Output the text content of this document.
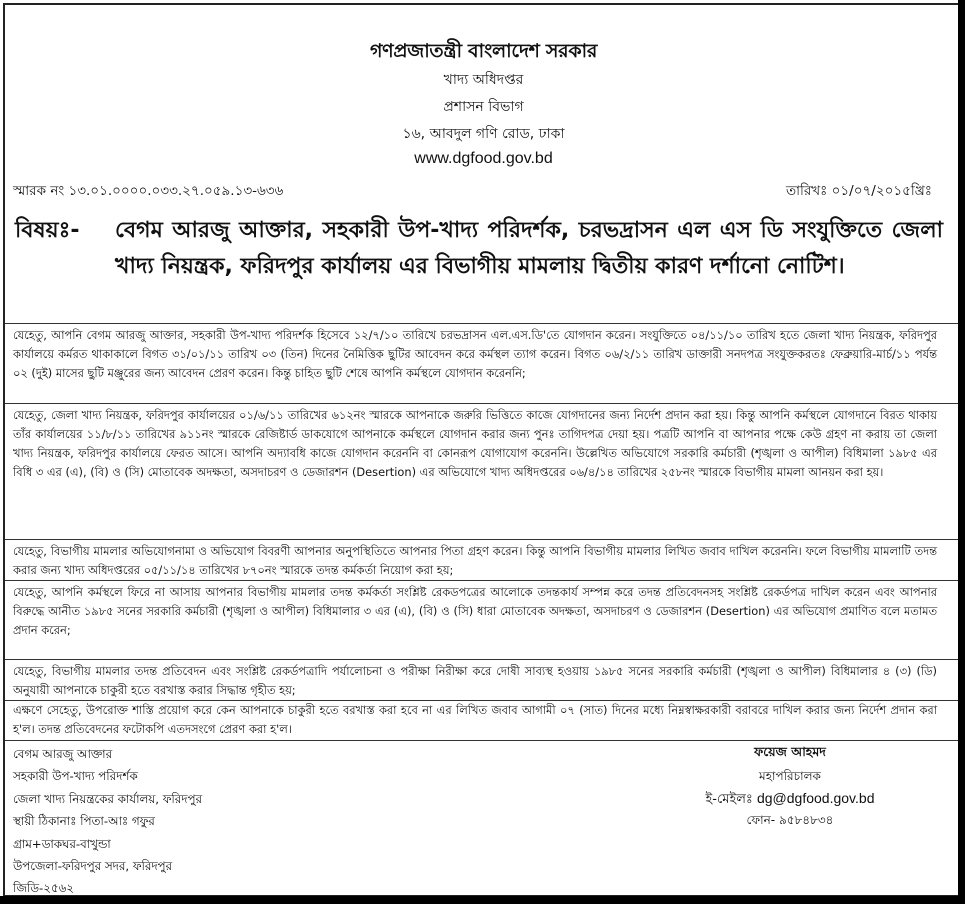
গণপ্রজাতন্ত্রী বাংলাদেশ সরকার
খাদ্য অধিদপ্তর
প্রশাসন বিভাগ
১৬, আবদুল গণি রোড, ঢাকা
www.dgfood.gov.bd
স্মারক নং ১৩.০১.০০০০.০৩৩.২৭.০৫৯.১৩-৬৩৬	তারিখঃ ০১/০৭/২০১৫খ্রিঃ
বিষয়ঃ- বেগম আরজু আক্তার, সহকারী উপ-খাদ্য পরিদর্শক, চরভদ্রাসন এল এস ডি সংযুক্তিতে জেলা খাদ্য নিয়ন্ত্রক, ফরিদপুর কার্যালয় এর বিভাগীয় মামলায় দ্বিতীয় কারণ দর্শানো নোটিশ।
যেহেতু, আপনি বেগম আরজু আক্তার, সহকারী উপ-খাদ্য পরিদর্শক হিসেবে ১২/৭/১০ তারিখে চরভদ্রাসন এল.এস.ডি'তে যোগদান করেন। সংযুক্তিতে ০৪/১১/১০ তারিখ হতে জেলা খাদ্য নিয়ন্ত্রক, ফরিদপুর কার্যালয়ে কর্মরত থাকাকালে বিগত ৩১/০১/১১ তারিখ ০৩ (তিন) দিনের নৈমিত্তিক ছুটির আবেদন করে কর্মস্থল ত্যাগ করেন। বিগত ০৬/২/১১ তারিখ ডাক্তারী সনদপত্র সংযুক্তকরতঃ ফেব্রুয়ারি-মার্চ/১১ পর্যন্ত ০২ (দুই) মাসের ছুটি মঞ্জুরের জন্য আবেদন প্রেরণ করেন। কিন্তু চাহিত ছুটি শেষে আপনি কর্মস্থলে যোগদান করেননি;
যেহেতু, জেলা খাদ্য নিয়ন্ত্রক, ফরিদপুর কার্যালয়ের ০১/৬/১১ তারিখের ৬১২নং স্মারকে আপনাকে জরুরি ভিত্তিতে কাজে যোগদানের জন্য নির্দেশ প্রদান করা হয়। কিন্তু আপনি কর্মস্থলে যোগদানে বিরত থাকায় তাঁর কার্যালয়ের ১১/৮/১১ তারিখের ৯১১নং স্মারকে রেজিষ্টার্ড ডাকযোগে আপনাকে কর্মস্থলে যোগদান করার জন্য পুনঃ তাগিদপত্র দেয়া হয়। পত্রটি আপনি বা আপনার পক্ষে কেউ গ্রহণ না করায় তা জেলা খাদ্য নিয়ন্ত্রক, ফরিদপুর কার্যালয়ে ফেরত আসে। আপনি অদ্যাবধি কাজে যোগদান করেননি বা কোনরূপ যোগাযোগ করেননি। উল্লেখিত অভিযোগে সরকারি কর্মচারী (শৃঙ্খলা ও আপীল) বিধিমালা ১৯৮৫ এর বিধি ৩ এর (এ), (বি) ও (সি) মোতাবেক অদক্ষতা, অসদাচরণ ও ডেজারশন (Desertion) এর অভিযোগে খাদ্য অধিদপ্তরের ০৬/৪/১৪ তারিখের ২৫৮নং স্মারকে বিভাগীয় মামলা আনয়ন করা হয়।
যেহেতু, বিভাগীয় মামলার অভিযোগনামা ও অভিযোগ বিবরণী আপনার অনুপস্থিতিতে আপনার পিতা গ্রহণ করেন। কিন্তু আপনি বিভাগীয় মামলার লিখিত জবাব দাখিল করেননি। ফলে বিভাগীয় মামলাটি তদন্ত করার জন্য খাদ্য অধিদপ্তরের ০৫/১১/১৪ তারিখের ৮৭০নং স্মারকে তদন্ত কর্মকর্তা নিয়োগ করা হয়;
যেহেতু, আপনি কর্মস্থলে ফিরে না আসায় আপনার বিভাগীয় মামলার তদন্ত কর্মকর্তা সংশ্লিষ্ট রেকডপত্রের আলোকে তদন্তকার্য সম্পন্ন করে তদন্ত প্রতিবেদনসহ সংশ্লিষ্ট রেকর্ডপত্র দাখিল করেন এবং আপনার বিরুদ্ধে আনীত ১৯৮৫ সনের সরকারি কর্মচারী (শৃঙ্খলা ও আপীল) বিধিমালার ৩ এর (এ), (বি) ও (সি) ধারা মোতাবেক অদক্ষতা, অসদাচরণ ও ডেজারশন (Desertion) এর অভিযোগ প্রমাণিত বলে মতামত প্রদান করেন;
যেহেতু, বিভাগীয় মামলার তদন্ত প্রতিবেদন এবং সংশ্লিষ্ট রেকর্ডপত্রাদি পর্যালোচনা ও পরীক্ষা নিরীক্ষা করে দোষী সাব্যস্থ হওয়ায় ১৯৮৫ সনের সরকারি কর্মচারী (শৃঙ্খলা ও আপীল) বিধিমালার ৪ (৩) (ডি) অনুযায়ী আপনাকে চাকুরী হতে বরখাস্ত করার সিদ্ধান্ত গৃহীত হয়;
এক্ষণে সেহেতু, উপরোক্ত শাস্তি প্রয়োগ করে কেন আপনাকে চাকুরী হতে বরখাস্ত করা হবে না এর লিখিত জবাব আগামী ০৭ (সাত) দিনের মধ্যে নিম্নস্বাক্ষরকারী বরাবরে দাখিল করার জন্য নির্দেশ প্রদান করা হ'ল। তদন্ত প্রতিবেদনের ফটোকপি এতদসংগে প্রেরণ করা হ'ল।
বেগম আরজু আক্তার
সহকারী উপ-খাদ্য পরিদর্শক
জেলা খাদ্য নিয়ন্ত্রকের কার্যালয়, ফরিদপুর
স্থায়ী ঠিকানাঃ পিতা-আঃ গফুর
গ্রাম+ডাকঘর-বাখুন্ডা
উপজেলা-ফরিদপুর সদর, ফরিদপুর
জিডি-২৫৬২
ফয়েজ আহমদ
মহাপরিচালক
ই-মেইলঃ dg@dgfood.gov.bd
ফোন- ৯৫৮৪৮৩৪
